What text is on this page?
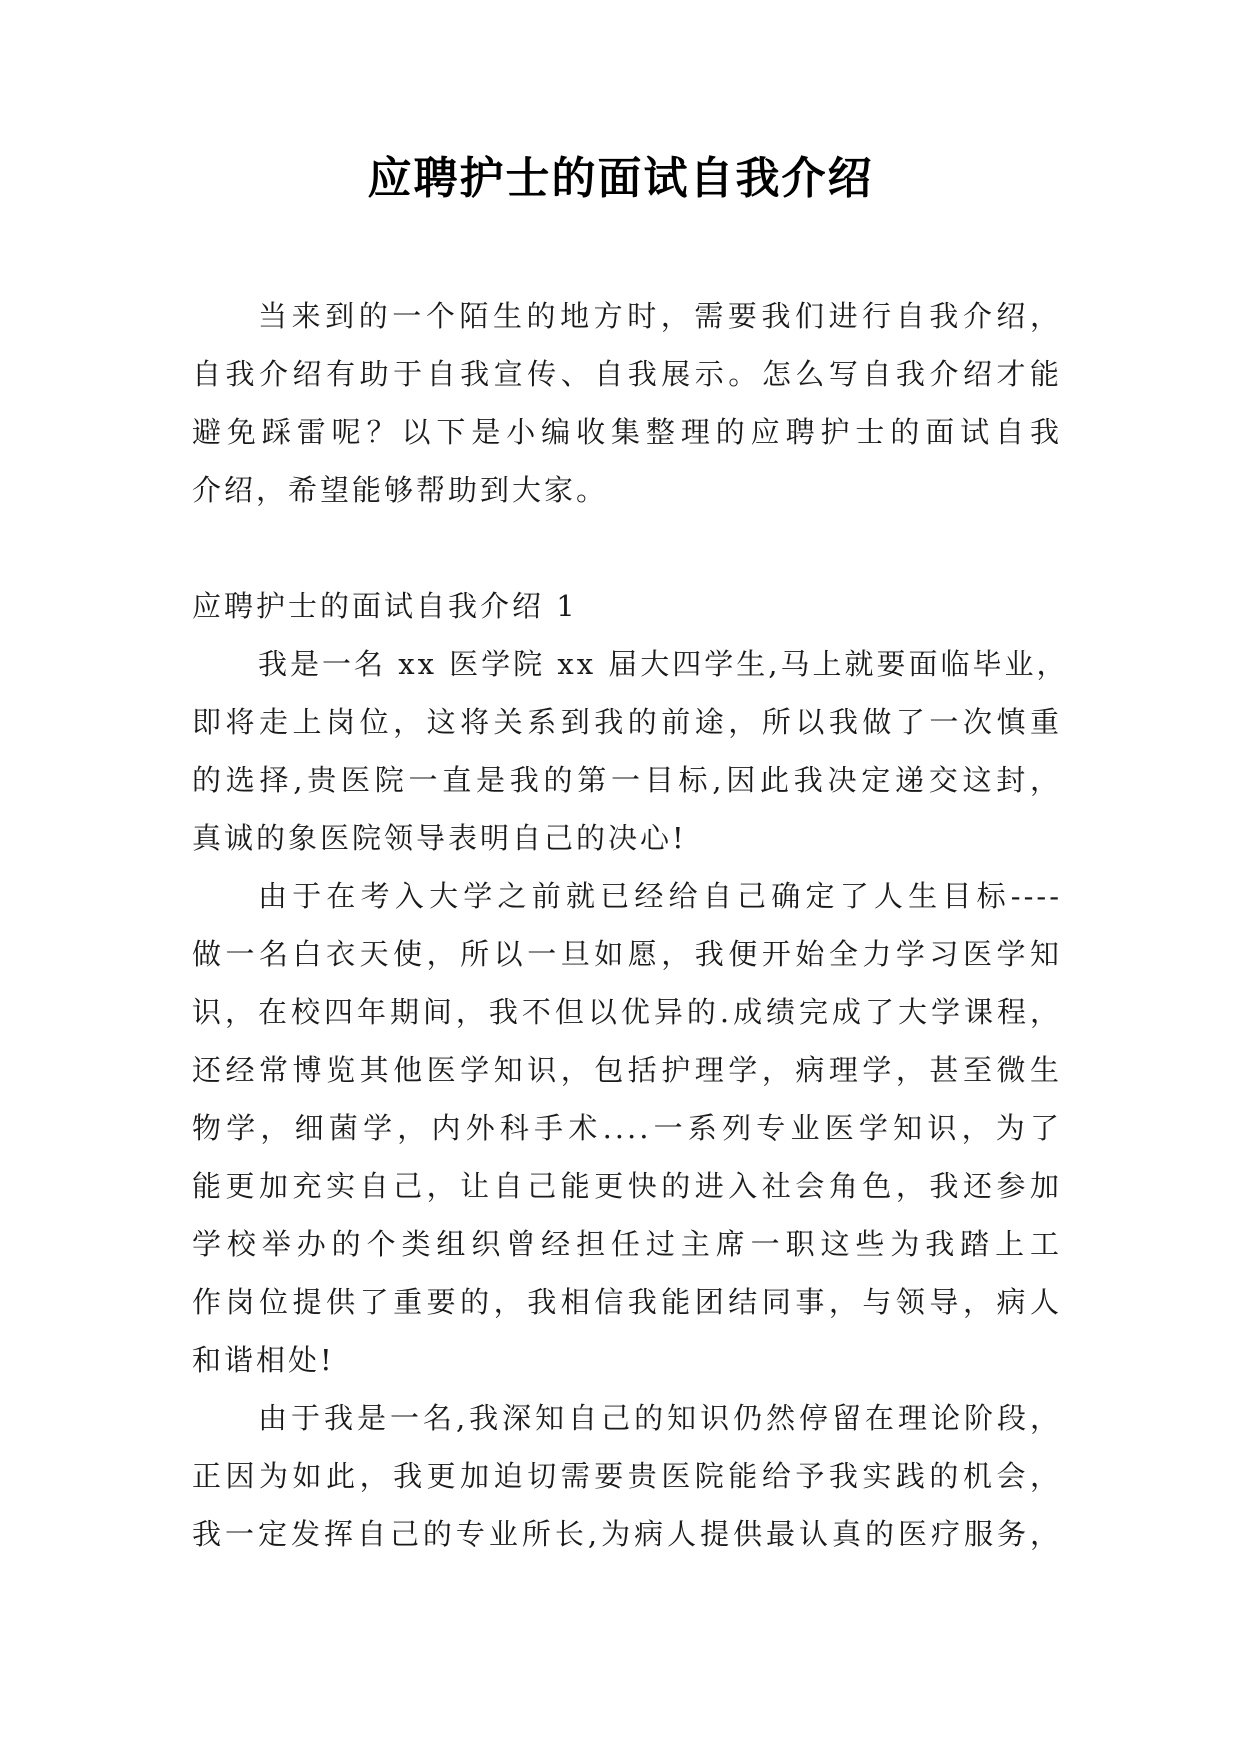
应聘护士的面试自我介绍
当来到的一个陌生的地方时，需要我们进行自我介绍，
自我介绍有助于自我宣传、自我展示。怎么写自我介绍才能
避免踩雷呢？以下是小编收集整理的应聘护士的面试自我
介绍，希望能够帮助到大家。
应聘护士的面试自我介绍 1
我是一名 xx 医学院 xx 届大四学生,马上就要面临毕业，
即将走上岗位，这将关系到我的前途，所以我做了一次慎重
的选择,贵医院一直是我的第一目标,因此我决定递交这封，
真诚的象医院领导表明自己的决心!
由于在考入大学之前就已经给自己确定了人生目标----
做一名白衣天使，所以一旦如愿，我便开始全力学习医学知
识，在校四年期间，我不但以优异的.成绩完成了大学课程，
还经常博览其他医学知识，包括护理学，病理学，甚至微生
物学，细菌学，内外科手术....一系列专业医学知识，为了
能更加充实自己，让自己能更快的进入社会角色，我还参加
学校举办的个类组织曾经担任过主席一职这些为我踏上工
作岗位提供了重要的，我相信我能团结同事，与领导，病人
和谐相处!
由于我是一名,我深知自己的知识仍然停留在理论阶段，
正因为如此，我更加迫切需要贵医院能给予我实践的机会，
我一定发挥自己的专业所长,为病人提供最认真的医疗服务，
